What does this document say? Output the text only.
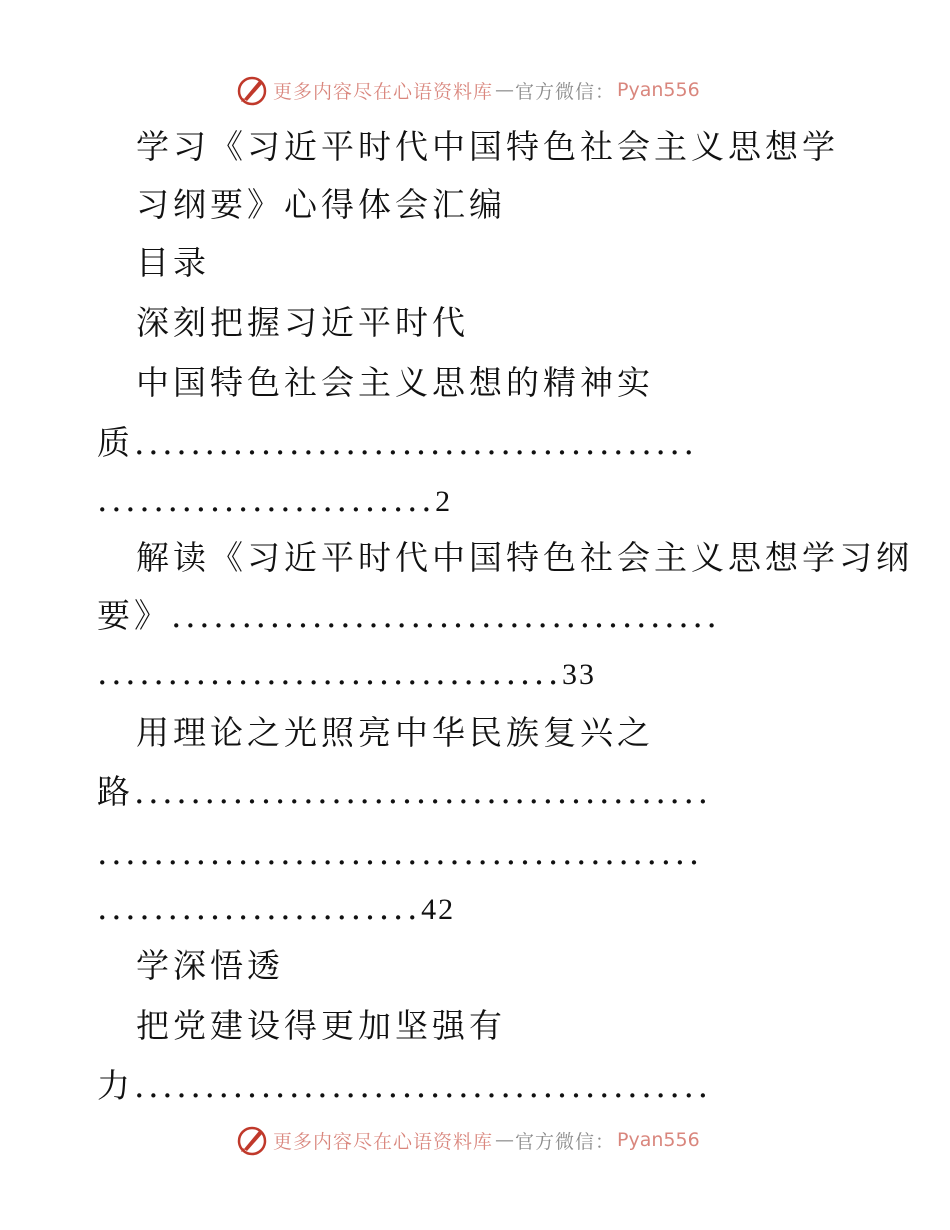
更多内容尽在心语资料库 — 官方微信： Pyan556
学习《习近平时代中国特色社会主义思想学
习纲要》心得体会汇编
目录
深刻把握习近平时代
中国特色社会主义思想的精神实
质........................................
........................2
解读《习近平时代中国特色社会主义思想学习纲
要》.......................................
.................................33
用理论之光照亮中华民族复兴之
路.........................................
...........................................
.......................42
学深悟透
把党建设得更加坚强有
力.........................................
更多内容尽在心语资料库 — 官方微信： Pyan556
